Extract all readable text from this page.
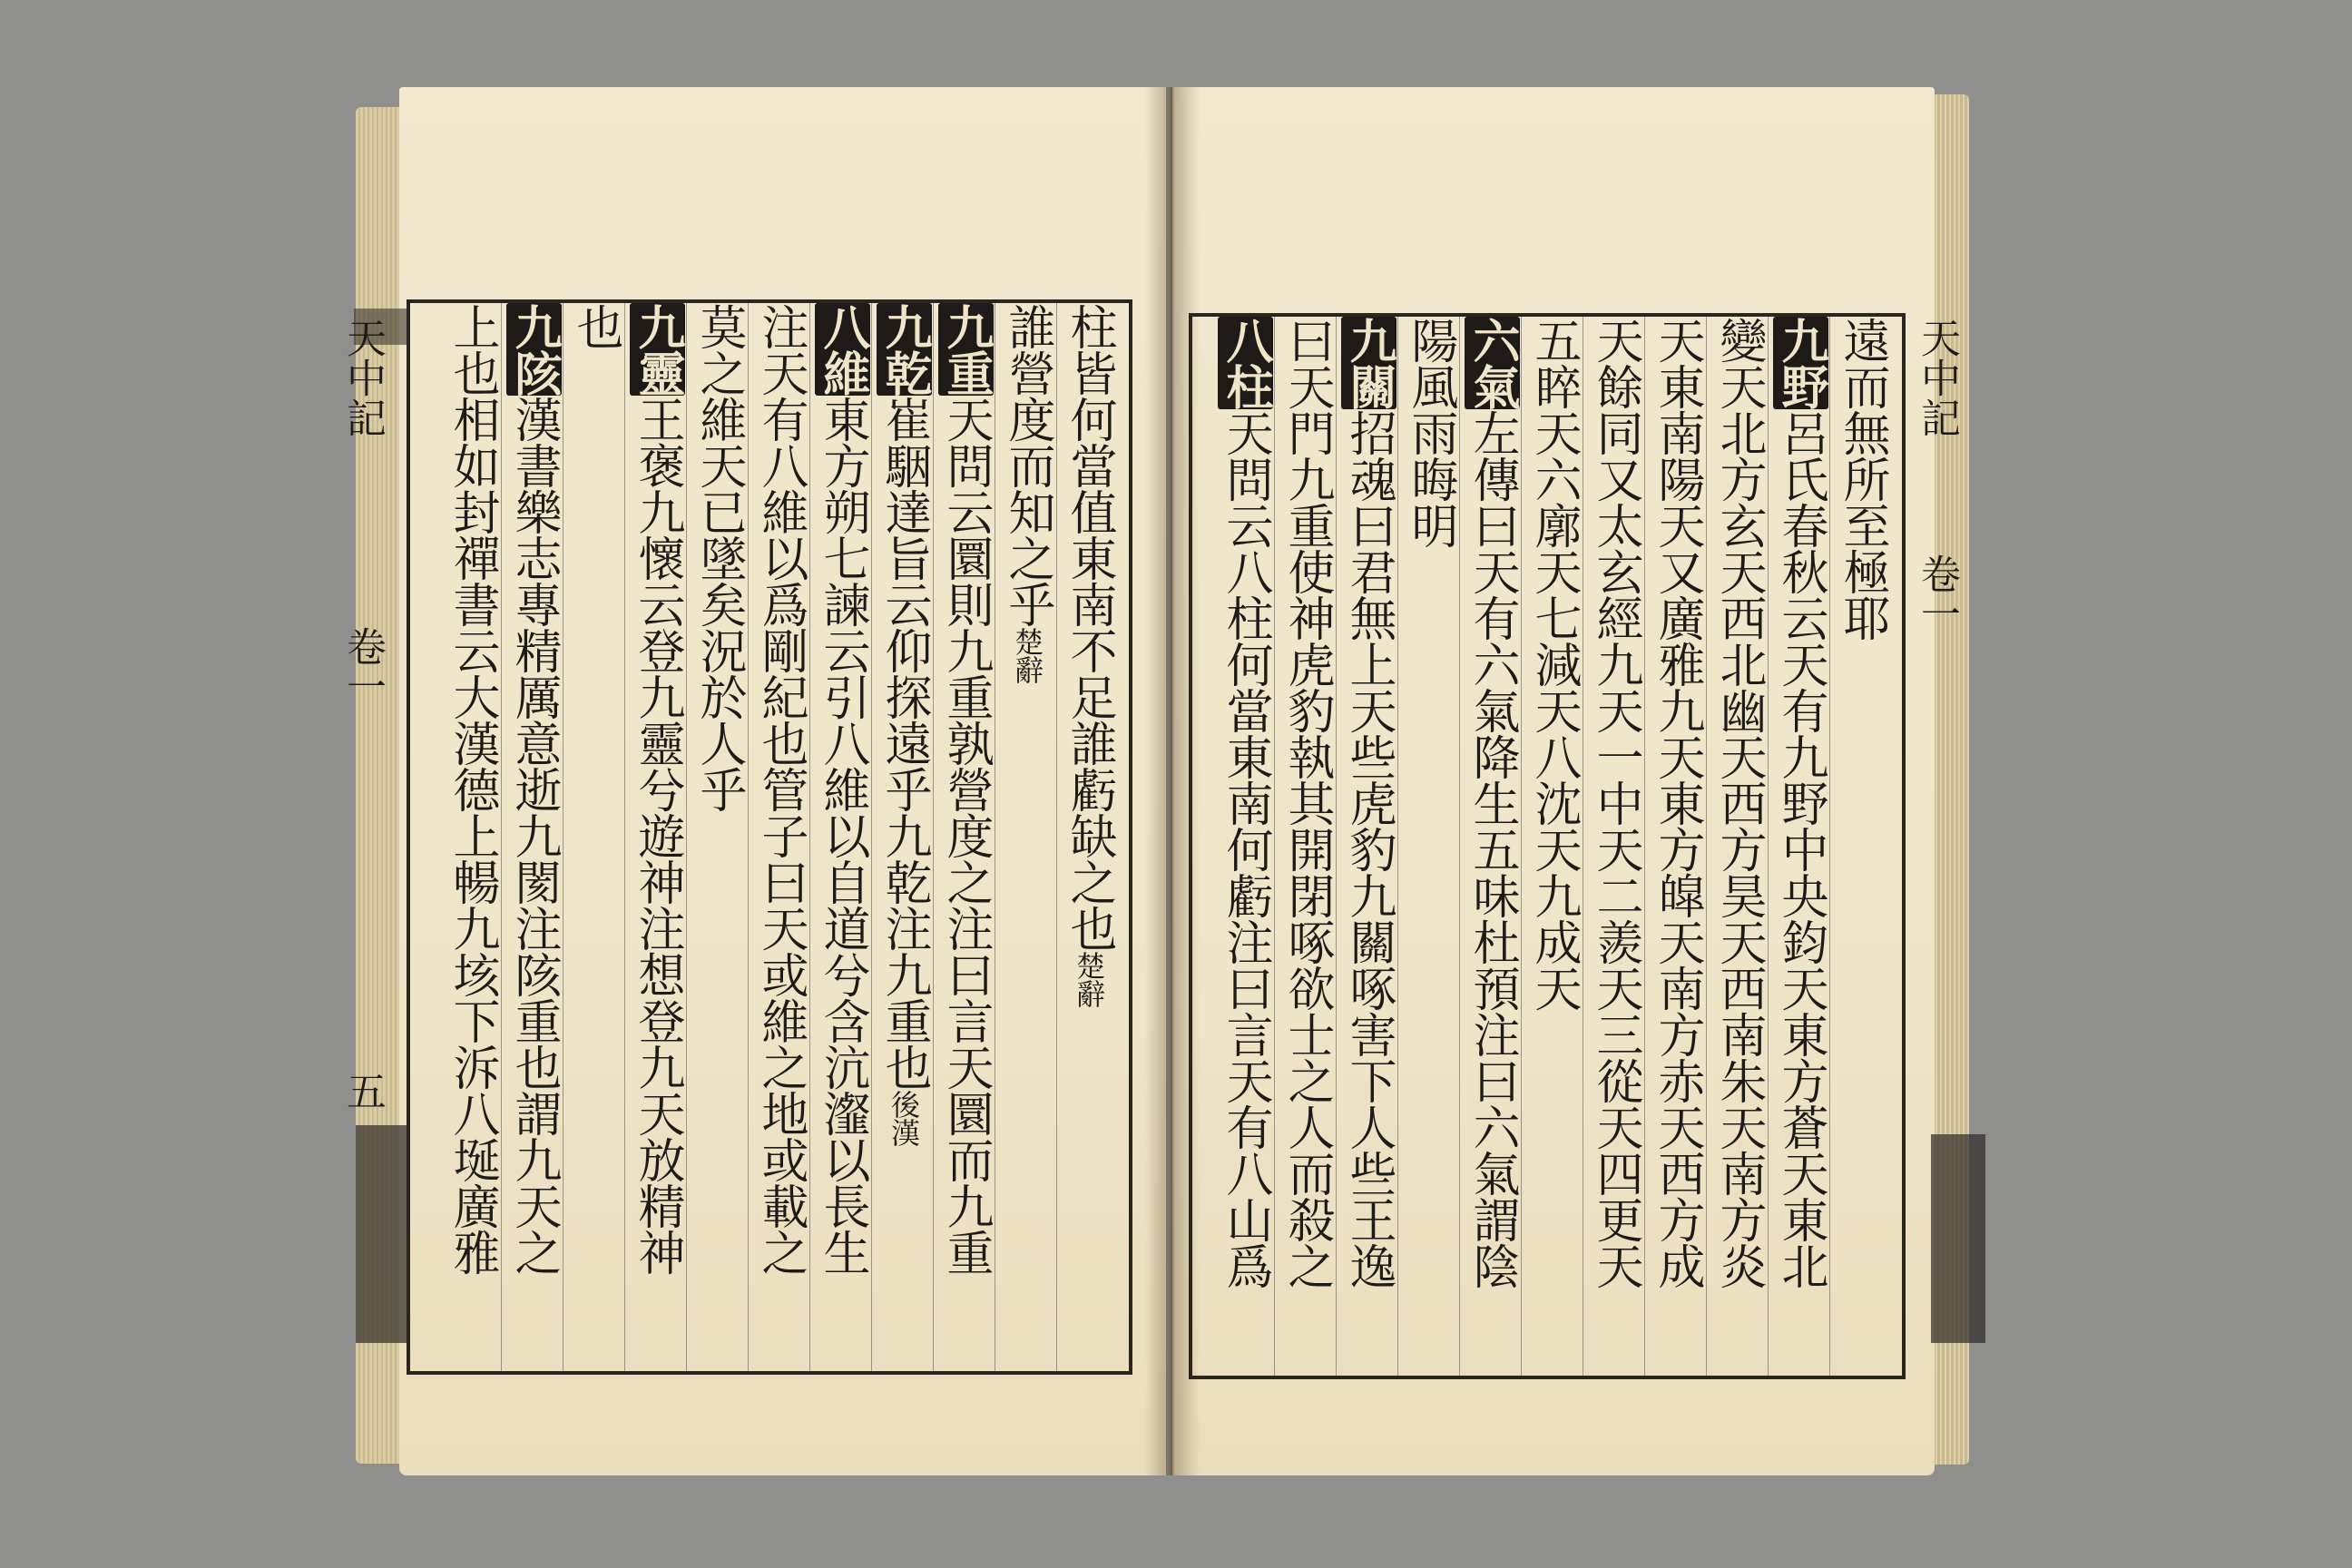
天中記
卷一
五
天中記
卷一
柱皆何當值東南不足誰虧缺之也楚辭
誰營度而知之乎楚辭
九重天問云圜則九重孰營度之注曰言天圜而九重
九乾崔駰達旨云仰探遠乎九乾注九重也後漢
八維東方朔七諫云引八維以自道兮含沆瀣以長生
注天有八維以爲剛紀也管子曰天或維之地或載之
莫之維天已墜矣況於人乎
九靈王褒九懷云登九靈兮遊神注想登九天放精神
也
九陔漢書樂志專精厲意逝九閡注陔重也謂九天之
上也相如封禪書云大漢德上暢九垓下泝八埏廣雅	遠而無所至極耶
九野呂氏春秋云天有九野中央鈞天東方蒼天東北
變天北方玄天西北幽天西方昊天西南朱天南方炎
天東南陽天又廣雅九天東方皡天南方赤天西方成
天餘同又太玄經九天一中天二羨天三從天四更天
五睟天六廓天七減天八沈天九成天
六氣左傳曰天有六氣降生五味杜預注曰六氣謂陰
陽風雨晦明
九關招魂曰君無上天些虎豹九關啄害下人些王逸
曰天門九重使神虎豹執其開閉啄欲士之人而殺之
八柱天問云八柱何當東南何虧注曰言天有八山爲
